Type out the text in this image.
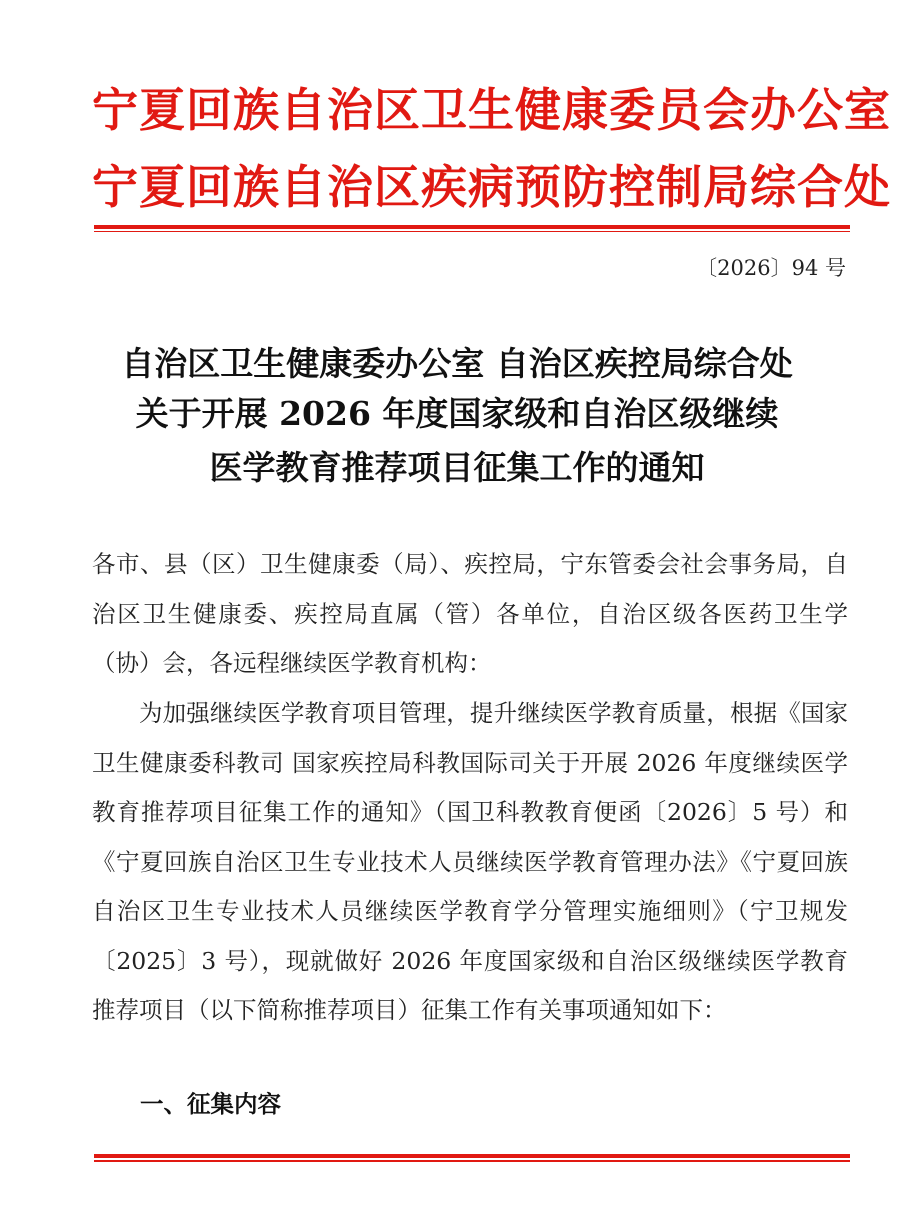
宁夏回族自治区卫生健康委员会办公室
宁夏回族自治区疾病预防控制局综合处
〔2026〕94 号
自治区卫生健康委办公室 自治区疾控局综合处
关于开展 2026 年度国家级和自治区级继续
医学教育推荐项目征集工作的通知

各市、县（区）卫生健康委（局）、疾控局，宁东管委会社会事务局，自治区卫生健康委、疾控局直属（管）各单位，自治区级各医药卫生学（协）会，各远程继续医学教育机构：

为加强继续医学教育项目管理，提升继续医学教育质量，根据《国家卫生健康委科教司 国家疾控局科教国际司关于开展 2026 年度继续医学教育推荐项目征集工作的通知》（国卫科教教育便函〔2026〕5 号）和《宁夏回族自治区卫生专业技术人员继续医学教育管理办法》《宁夏回族自治区卫生专业技术人员继续医学教育学分管理实施细则》（宁卫规发〔2025〕3 号），现就做好 2026 年度国家级和自治区级继续医学教育推荐项目（以下简称推荐项目）征集工作有关事项通知如下：

一、征集内容
